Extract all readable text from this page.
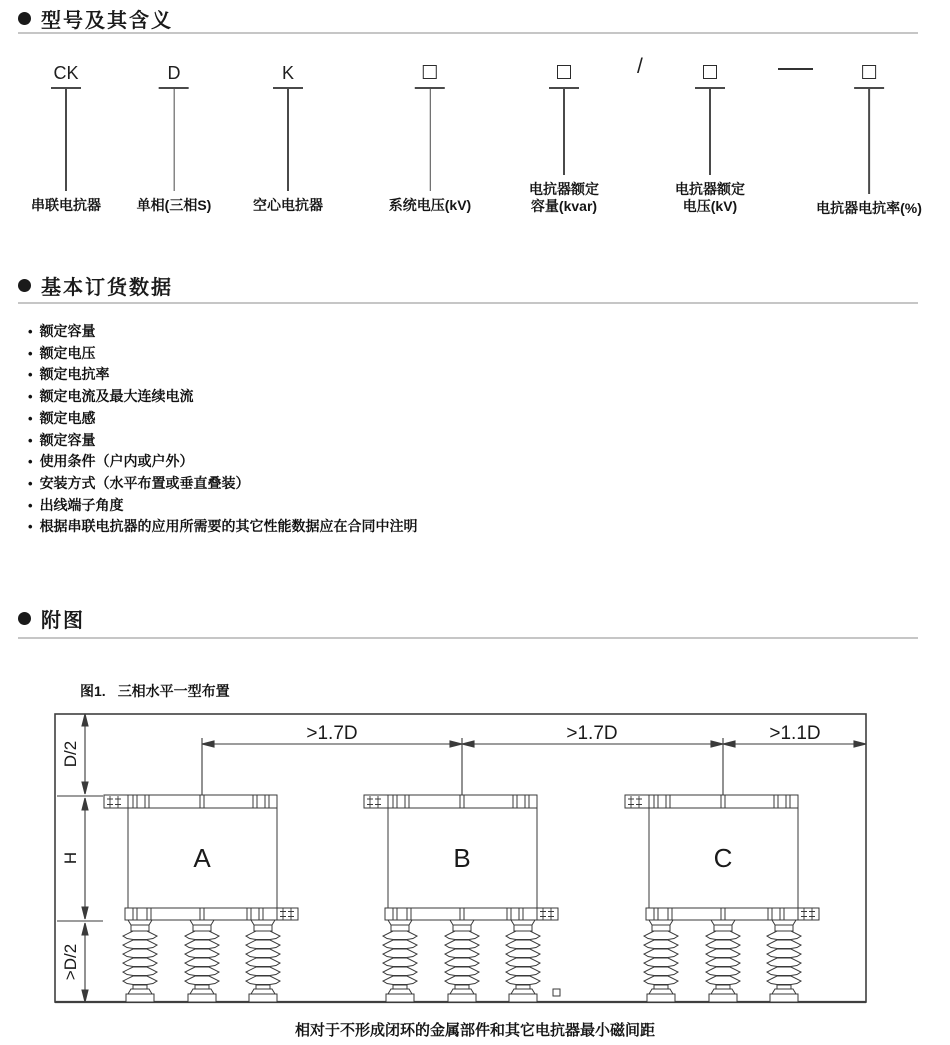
型号及其含义
CK
串联电抗器
D
单相(三相S)
K
空心电抗器	系统电压(kV)
电抗器额定
容量(kvar)
/
电抗器额定
电压(kV)	电抗器电抗率(%)
基本订货数据
• 额定容量
• 额定电压
• 额定电抗率
• 额定电流及最大连续电流
• 额定电感
• 额定容量
• 使用条件（户内或户外）
• 安装方式（水平布置或垂直叠装）
• 出线端子角度
• 根据串联电抗器的应用所需要的其它性能数据应在合同中注明
附图
图1. 三相水平一型布置
>1.7D	>1.7D	>1.1D
D/2
H
>D/2
A	B	C
相对于不形成闭环的金属部件和其它电抗器最小磁间距
